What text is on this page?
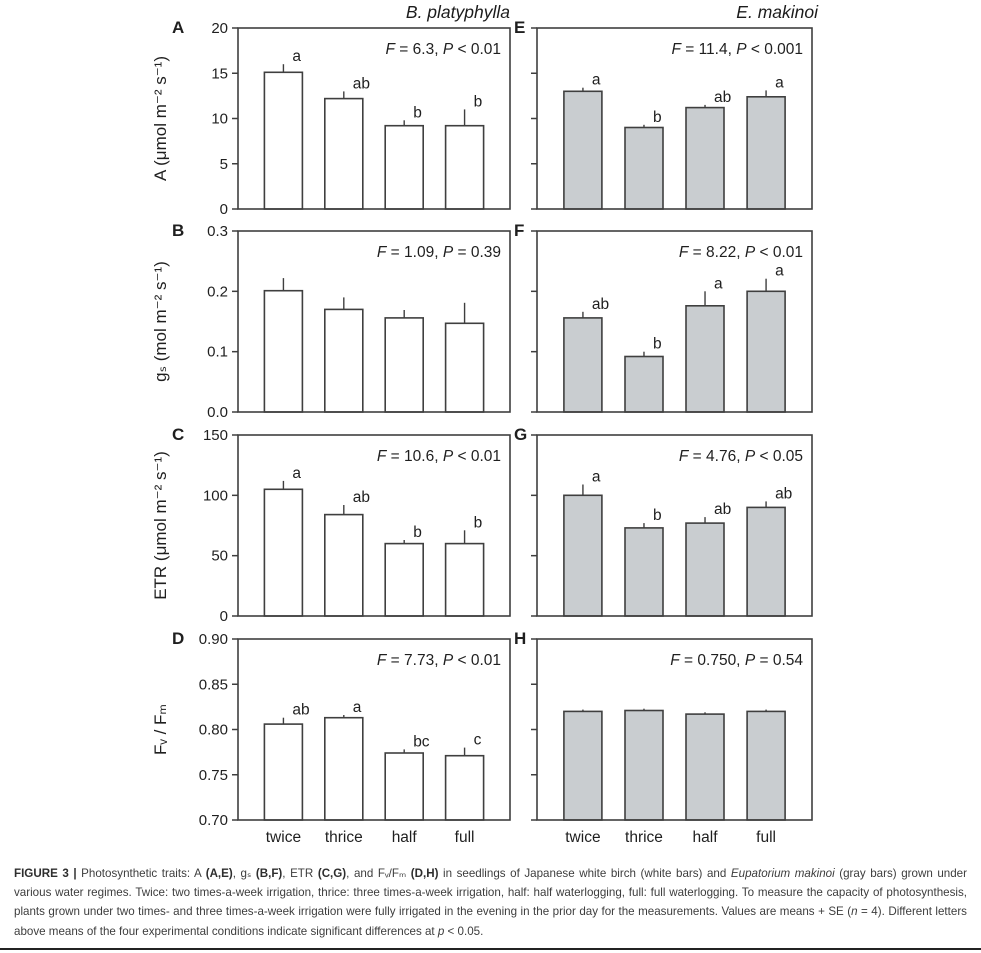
B. platyphylla	E. makinoi
A
0
5
10
15
20
A (μmol m⁻² s⁻¹)	a
ab
b
b
F = 6.3, P < 0.01
E
a
b
ab
a
F = 11.4, P < 0.001
B
0.0
0.1
0.2
0.3
gₛ (mol m⁻² s⁻¹)
F = 1.09, P = 0.39
F
ab
b
a
a
F = 8.22, P < 0.01
C
0
50
100
150
ETR (μmol m⁻² s⁻¹)	a
ab
b
b
F = 10.6, P < 0.01
G
a
b	ab
ab
F = 4.76, P < 0.05
D
0.70
0.75
0.80
0.85
0.90
Fᵥ / Fₘ	ab
twice
a
thrice
bc
half
c
full
F = 7.73, P < 0.01
H
twice thrice half full
F = 0.750, P = 0.54

FIGURE 3 | Photosynthetic traits: A (A,E), gₛ (B,F), ETR (C,G), and Fᵥ/Fₘ (D,H) in seedlings of Japanese white birch (white bars) and Eupatorium makinoi (gray bars) grown under various water regimes. Twice: two times-a-week irrigation, thrice: three times-a-week irrigation, half: half waterlogging, full: full waterlogging. To measure the capacity of photosynthesis, plants grown under two times- and three times-a-week irrigation were fully irrigated in the evening in the prior day for the measurements. Values are means + SE (n = 4). Different letters above means of the four experimental conditions indicate significant differences at p < 0.05.
